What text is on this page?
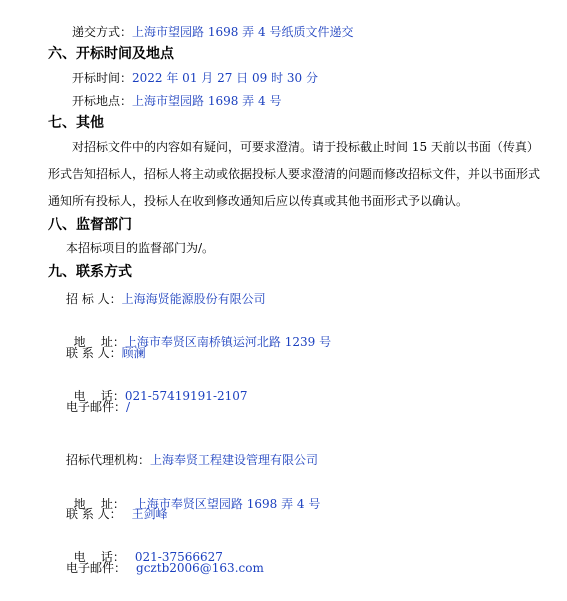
递交方式：上海市望园路 1698 弄 4 号纸质文件递交
六、开标时间及地点
开标时间：2022 年 01 月 27 日 09 时 30 分
开标地点：上海市望园路 1698 弄 4 号
七、其他
对招标文件中的内容如有疑问，可要求澄清。请于投标截止时间 15 天前以书面（传真）形式告知招标人，招标人将主动或依据投标人要求澄清的问题而修改招标文件，并以书面形式通知所有投标人，投标人在收到修改通知后应以传真或其他书面形式予以确认。
八、监督部门
本招标项目的监督部门为/。
九、联系方式
招 标 人：上海海贤能源股份有限公司

地    址：上海市奉贤区南桥镇运河北路 1239 号

联 系 人：顾澜

电    话：021-57419191-2107

电子邮件：/
招标代理机构：上海奉贤工程建设管理有限公司

地    址： 上海市奉贤区望园路 1698 弄 4 号

联 系 人： 王剑峰

电    话： 021-37566627

电子邮件： gcztb2006@163.com
